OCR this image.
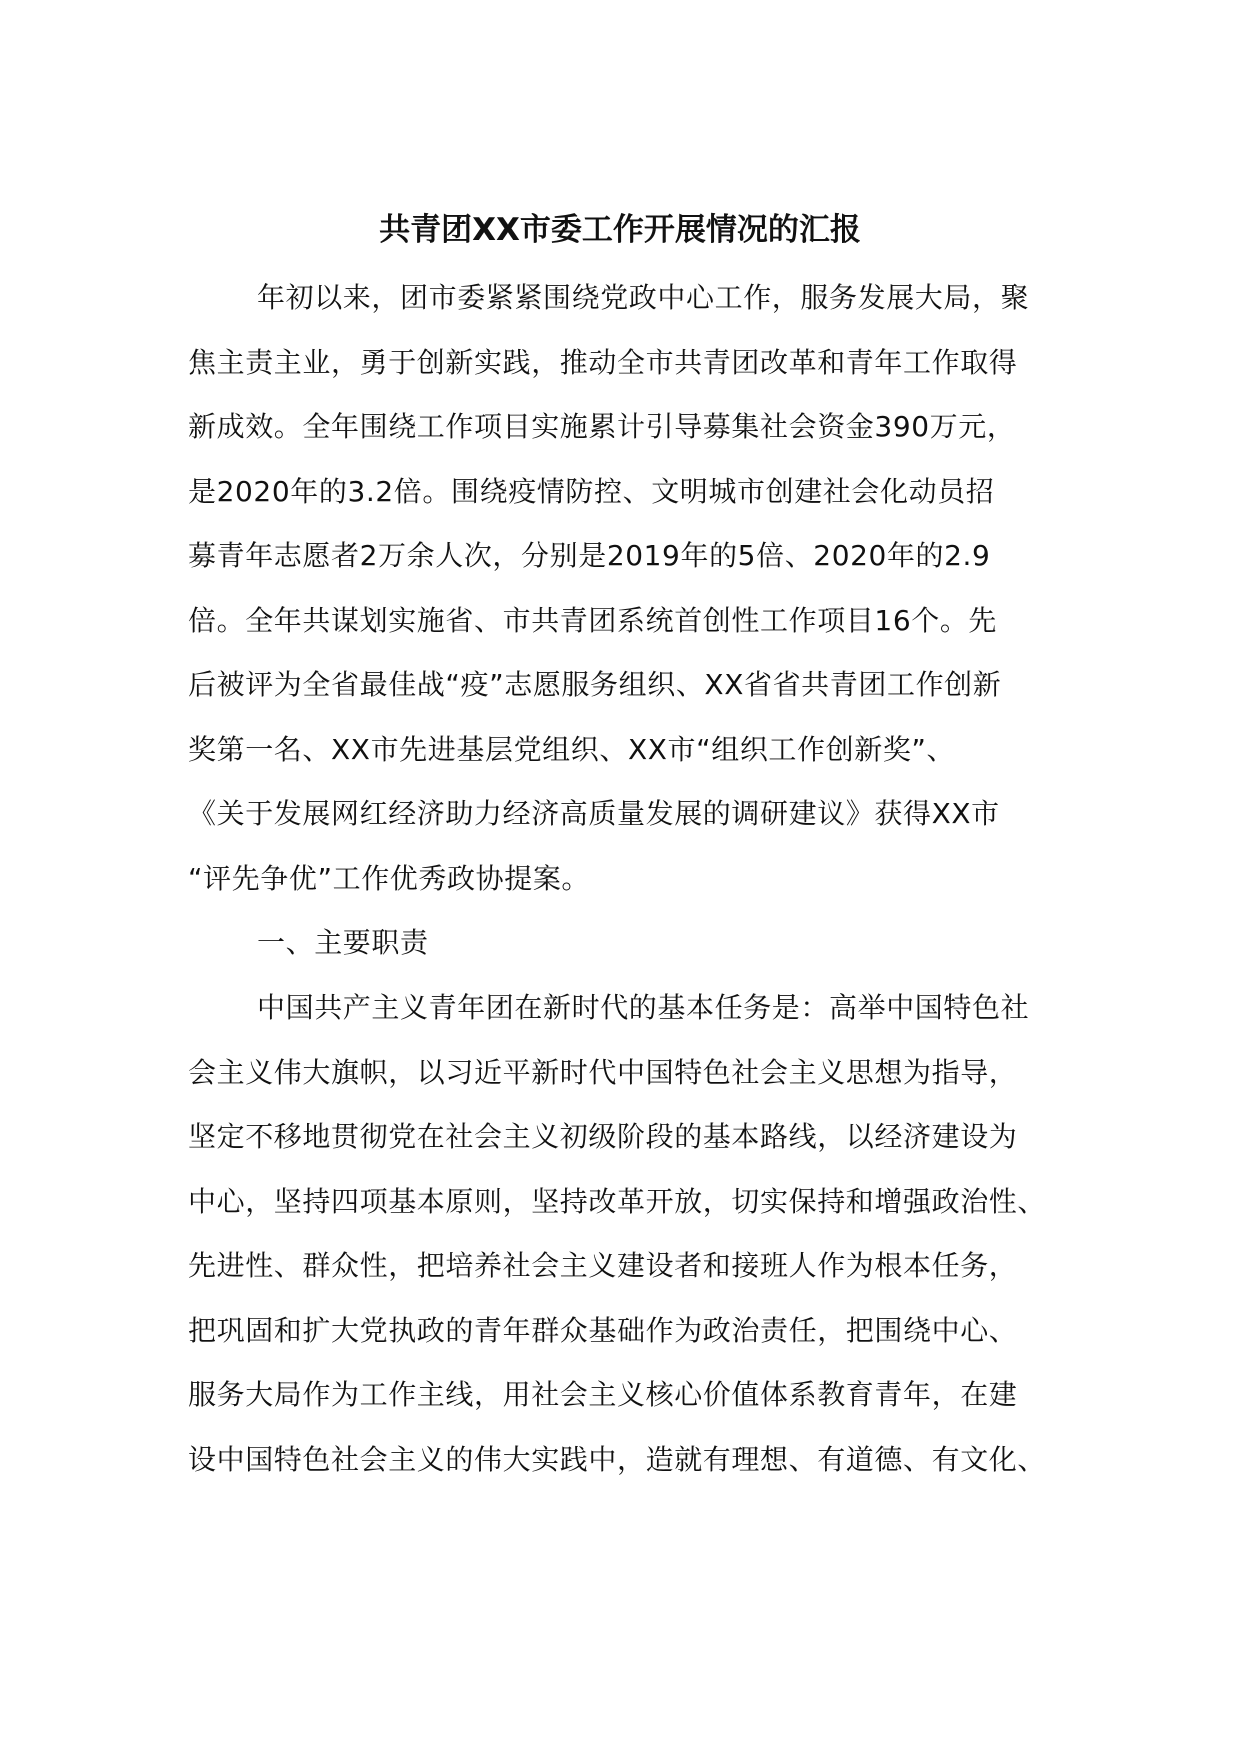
共青团XX市委工作开展情况的汇报
年初以来，团市委紧紧围绕党政中心工作，服务发展大局，聚
焦主责主业，勇于创新实践，推动全市共青团改革和青年工作取得
新成效。全年围绕工作项目实施累计引导募集社会资金390万元，
是2020年的3.2倍。围绕疫情防控、文明城市创建社会化动员招
募青年志愿者2万余人次，分别是2019年的5倍、2020年的2.9
倍。全年共谋划实施省、市共青团系统首创性工作项目16个。先
后被评为全省最佳战“疫”志愿服务组织、XX省省共青团工作创新
奖第一名、XX市先进基层党组织、XX市“组织工作创新奖”、
《关于发展网红经济助力经济高质量发展的调研建议》获得XX市
“评先争优”工作优秀政协提案。
一、主要职责
中国共产主义青年团在新时代的基本任务是：高举中国特色社
会主义伟大旗帜，以习近平新时代中国特色社会主义思想为指导，
坚定不移地贯彻党在社会主义初级阶段的基本路线，以经济建设为
中心，坚持四项基本原则，坚持改革开放，切实保持和增强政治性、
先进性、群众性，把培养社会主义建设者和接班人作为根本任务，
把巩固和扩大党执政的青年群众基础作为政治责任，把围绕中心、
服务大局作为工作主线，用社会主义核心价值体系教育青年，在建
设中国特色社会主义的伟大实践中，造就有理想、有道德、有文化、
